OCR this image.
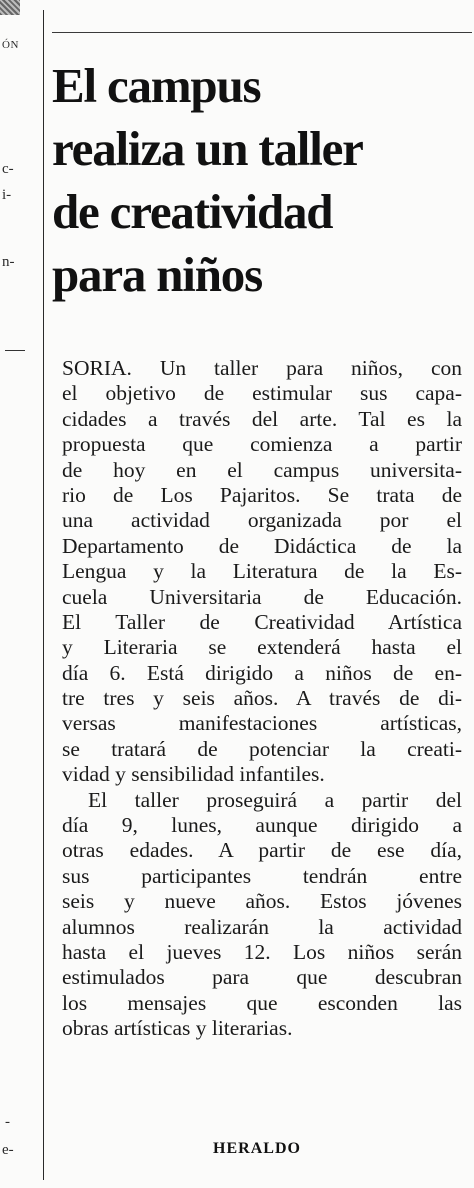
ÓN
c-
i-
n-
-
e-
El campus
realiza un taller
de creatividad
para niños
SORIA. Un taller para niños, con
el objetivo de estimular sus capa-
cidades a través del arte. Tal es la
propuesta que comienza a partir
de hoy en el campus universita-
rio de Los Pajaritos. Se trata de
una actividad organizada por el
Departamento de Didáctica de la
Lengua y la Literatura de la Es-
cuela Universitaria de Educación.
El Taller de Creatividad Artística
y Literaria se extenderá hasta el
día 6. Está dirigido a niños de en-
tre tres y seis años. A través de di-
versas manifestaciones artísticas,
se tratará de potenciar la creati-
vidad y sensibilidad infantiles.
El taller proseguirá a partir del
día 9, lunes, aunque dirigido a
otras edades. A partir de ese día,
sus participantes tendrán entre
seis y nueve años. Estos jóvenes
alumnos realizarán la actividad
hasta el jueves 12. Los niños serán
estimulados para que descubran
los mensajes que esconden las
obras artísticas y literarias.
HERALDO
